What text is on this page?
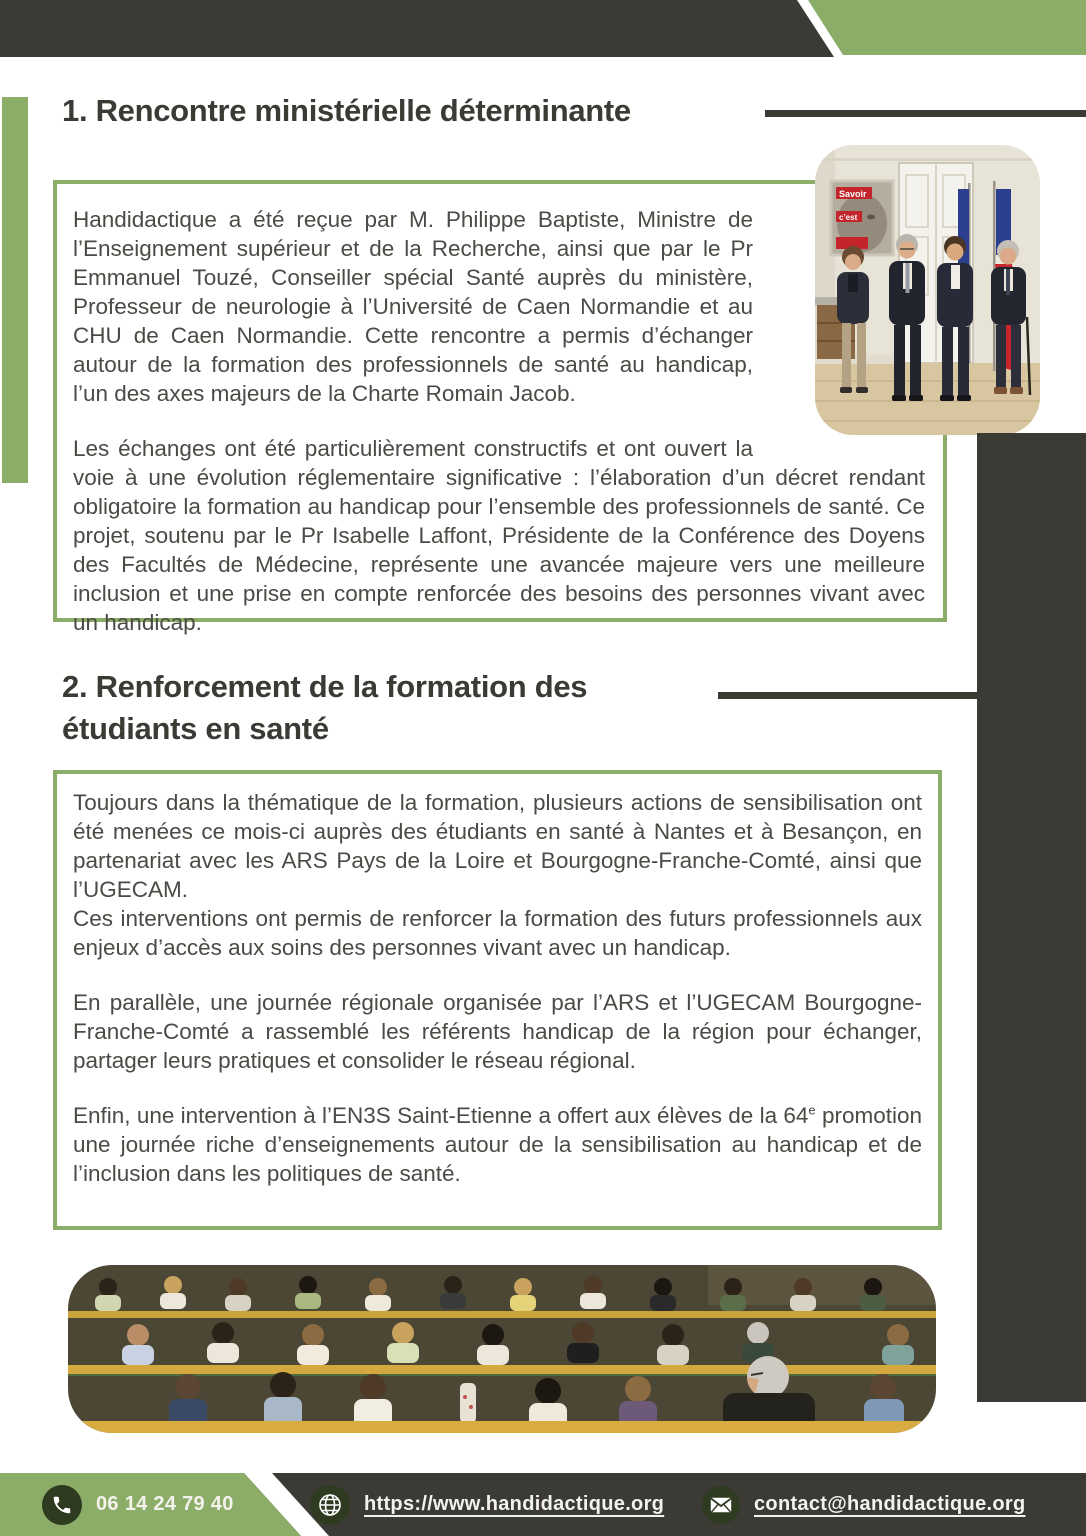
1. Rencontre ministérielle déterminante

Handidactique a été reçue par M. Philippe Baptiste, Ministre de l’Enseignement supérieur et de la Recherche, ainsi que par le Pr Emmanuel Touzé, Conseiller spécial Santé auprès du ministère, Professeur de neurologie à l’Université de Caen Normandie et au CHU de Caen Normandie. Cette rencontre a permis d’échanger autour de la formation des professionnels de santé au handicap, l’un des axes majeurs de la Charte Romain Jacob.

Les échanges ont été particulièrement constructifs et ont ouvert la voie à une évolution réglementaire significative : l’élaboration d’un décret rendant obligatoire la formation au handicap pour l’ensemble des professionnels de santé. Ce projet, soutenu par le Pr Isabelle Laffont, Présidente de la Conférence des Doyens des Facultés de Médecine, représente une avancée majeure vers une meilleure inclusion et une prise en compte renforcée des besoins des personnes vivant avec un handicap.

Savoir
c’est
2. Renforcement de la formation des étudiants en santé

Toujours dans la thématique de la formation, plusieurs actions de sensibilisation ont été menées ce mois-ci auprès des étudiants en santé à Nantes et à Besançon, en partenariat avec les ARS Pays de la Loire et Bourgogne-Franche-Comté, ainsi que l’UGECAM.

Ces interventions ont permis de renforcer la formation des futurs professionnels aux enjeux d’accès aux soins des personnes vivant avec un handicap.

En parallèle, une journée régionale organisée par l’ARS et l’UGECAM Bourgogne-Franche-Comté a rassemblé les référents handicap de la région pour échanger, partager leurs pratiques et consolider le réseau régional.

Enfin, une intervention à l’EN3S Saint-Etienne a offert aux élèves de la 64e promotion une journée riche d’enseignements autour de la sensibilisation au handicap et de l’inclusion dans les politiques de santé.

06 14 24 79 40	https://www.handidactique.org	contact@handidactique.org
